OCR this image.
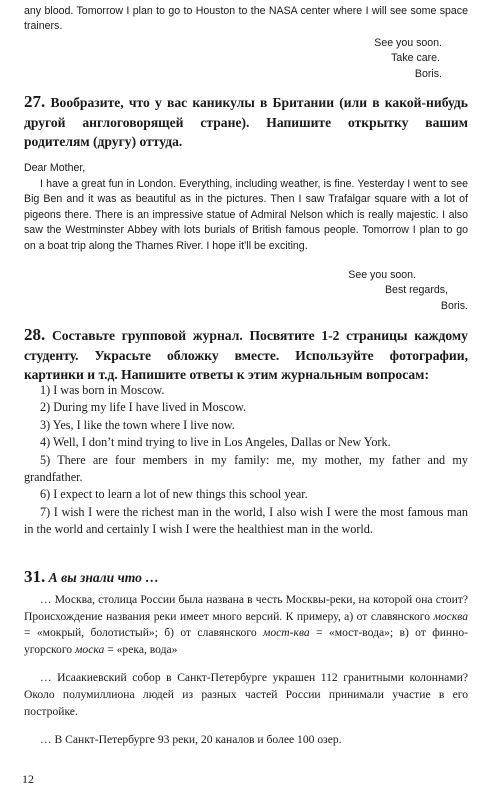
any blood. Tomorrow I plan to go to Houston to the NASA center where I will see some space trainers.

See you soon.
Take care.
Boris.
27. Вообразите, что у вас каникулы в Британии (или в какой-нибудь другой англоговорящей стране). Напишите открытку вашим родителям (другу) оттуда.
Dear Mother,

I have a great fun in London. Everything, including weather, is fine. Yesterday I went to see Big Ben and it was as beautiful as in the pictures. Then I saw Trafalgar square with a lot of pigeons there. There is an impressive statue of Admiral Nelson which is really majestic. I also saw the Westminster Abbey with lots burials of British famous people. Tomorrow I plan to go on a boat trip along the Thames River. I hope it’ll be exciting.

See you soon.
Best regards,
Boris.
28. Составьте групповой журнал. Посвятите 1-2 страницы каждому студенту. Украсьте обложку вместе. Используйте фотографии, картинки и т.д. Напишите ответы к этим журнальным вопросам:

1) I was born in Moscow.

2) During my life I have lived in Moscow.

3) Yes, I like the town where I live now.

4) Well, I don’t mind trying to live in Los Angeles, Dallas or New York.

5) There are four members in my family: me, my mother, my father and my grandfather.

6) I expect to learn a lot of new things this school year.

7) I wish I were the richest man in the world, I also wish I were the most famous man in the world and certainly I wish I were the healthiest man in the world.

31. А вы знали что …

… Москва, столица России была названа в честь Москвы-реки, на которой она стоит? Происхождение названия реки имеет много версий. К примеру, а) от славянского москва = «мокрый, болотистый»; б) от славянского мост-ква = «мост-вода»; в) от финно-угорского моска = «река, вода»

… Исаакиевский собор в Санкт-Петербурге украшен 112 гранитными колоннами? Около полумиллиона людей из разных частей России принимали участие в его постройке.

… В Санкт-Петербурге 93 реки, 20 каналов и более 100 озер.

12
